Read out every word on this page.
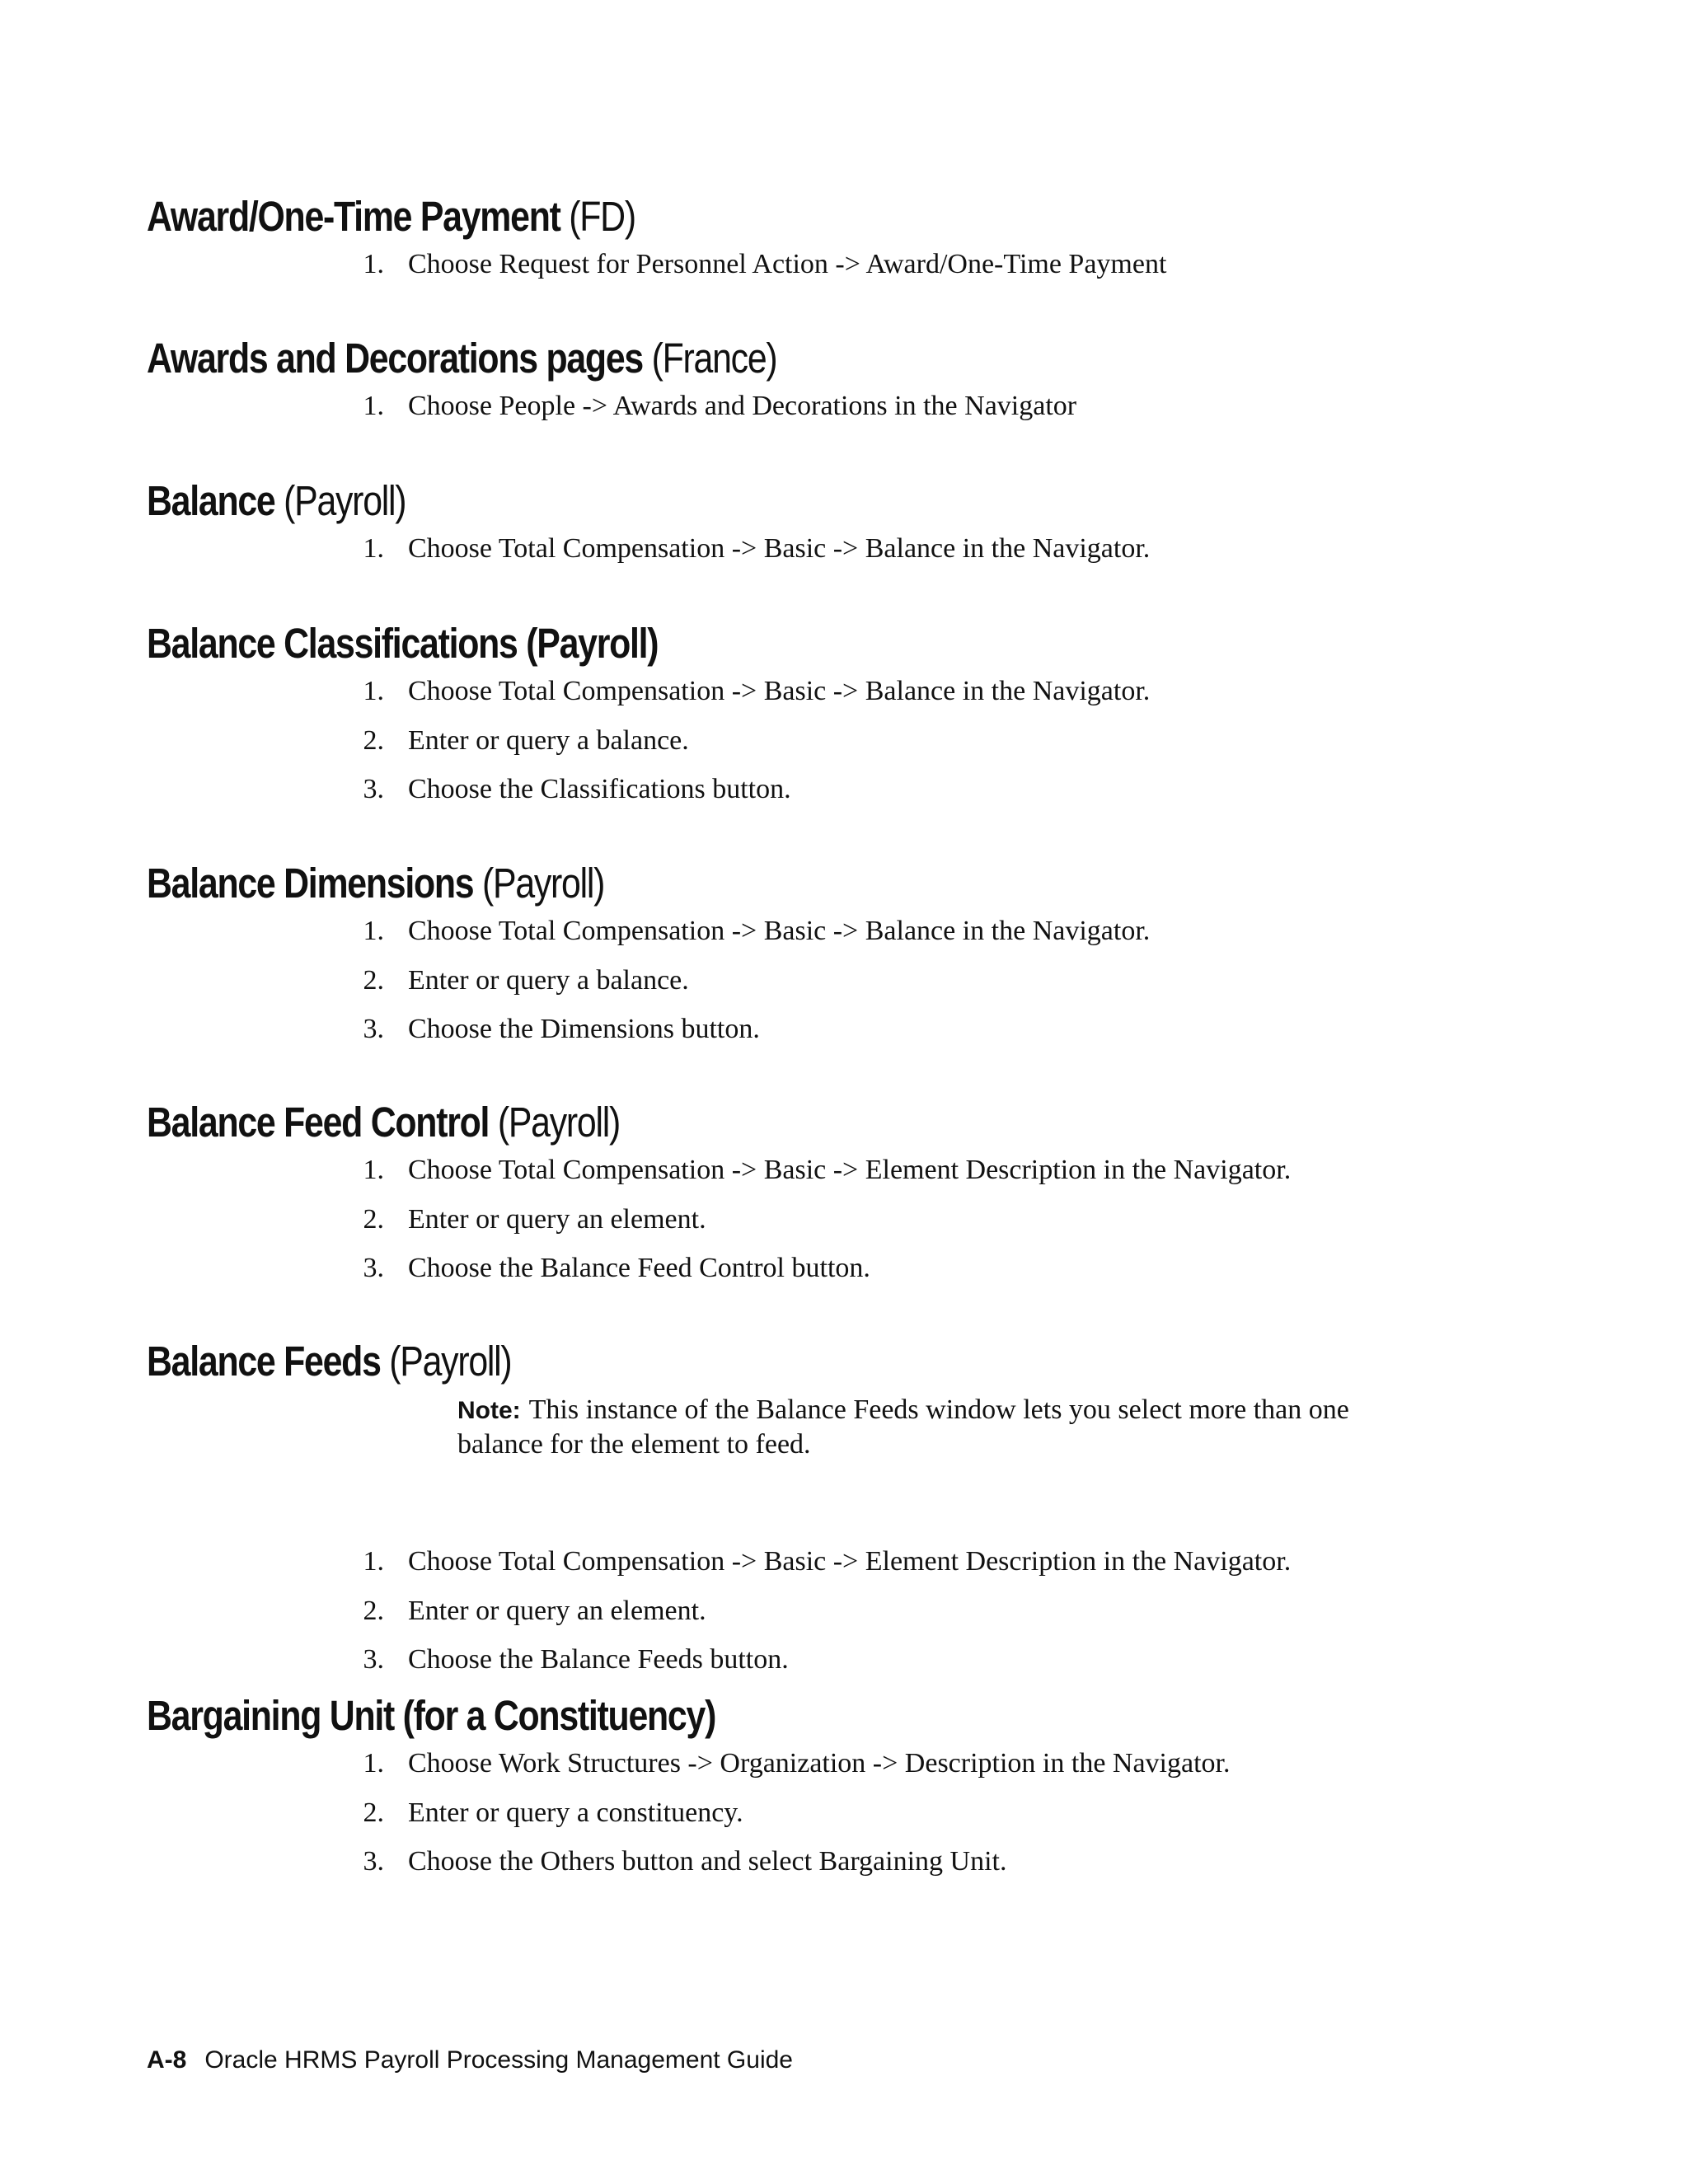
Award/One-Time Payment (FD)
1. Choose Request for Personnel Action -> Award/One-Time Payment
Awards and Decorations pages (France)
1. Choose People -> Awards and Decorations in the Navigator
Balance (Payroll)
1. Choose Total Compensation -> Basic -> Balance in the Navigator.
Balance Classifications (Payroll)
1. Choose Total Compensation -> Basic -> Balance in the Navigator.
2. Enter or query a balance.
3. Choose the Classifications button.
Balance Dimensions (Payroll)
1. Choose Total Compensation -> Basic -> Balance in the Navigator.
2. Enter or query a balance.
3. Choose the Dimensions button.
Balance Feed Control (Payroll)
1. Choose Total Compensation -> Basic -> Element Description in the Navigator.
2. Enter or query an element.
3. Choose the Balance Feed Control button.
Balance Feeds (Payroll)
Note: This instance of the Balance Feeds window lets you select more than one balance for the element to feed.
1. Choose Total Compensation -> Basic -> Element Description in the Navigator.
2. Enter or query an element.
3. Choose the Balance Feeds button.
Bargaining Unit (for a Constituency)
1. Choose Work Structures -> Organization -> Description in the Navigator.
2. Enter or query a constituency.
3. Choose the Others button and select Bargaining Unit.
A-8 Oracle HRMS Payroll Processing Management Guide
